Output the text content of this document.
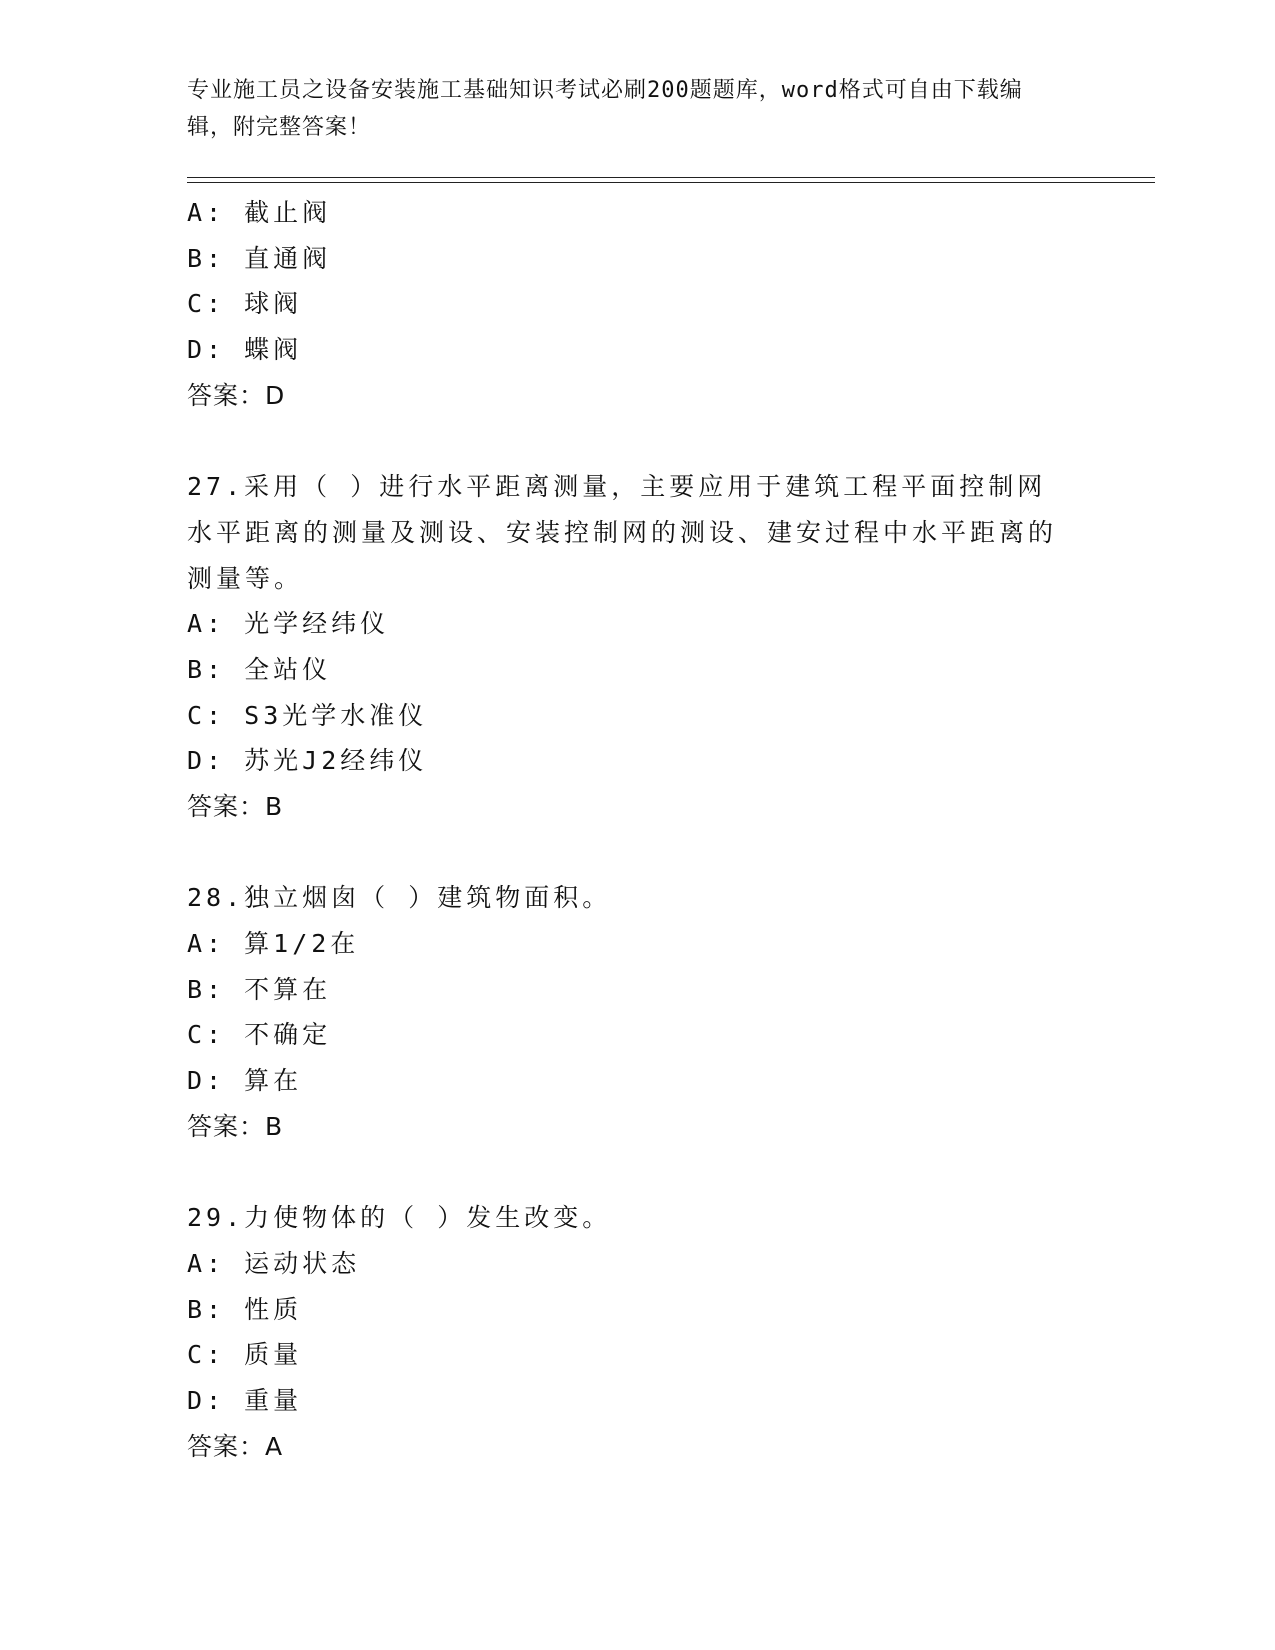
专业施工员之设备安装施工基础知识考试必刷200题题库，word格式可自由下载编辑，附完整答案！
A: 截止阀
B: 直通阀
C: 球阀
D: 蝶阀
答案：D
27.采用（ ）进行水平距离测量，主要应用于建筑工程平面控制网水平距离的测量及测设、安装控制网的测设、建安过程中水平距离的测量等。
A: 光学经纬仪
B: 全站仪
C: S3光学水准仪
D: 苏光J2经纬仪
答案：B
28.独立烟囱（ ）建筑物面积。
A: 算1/2在
B: 不算在
C: 不确定
D: 算在
答案：B
29.力使物体的（ ）发生改变。
A: 运动状态
B: 性质
C: 质量
D: 重量
答案：A
